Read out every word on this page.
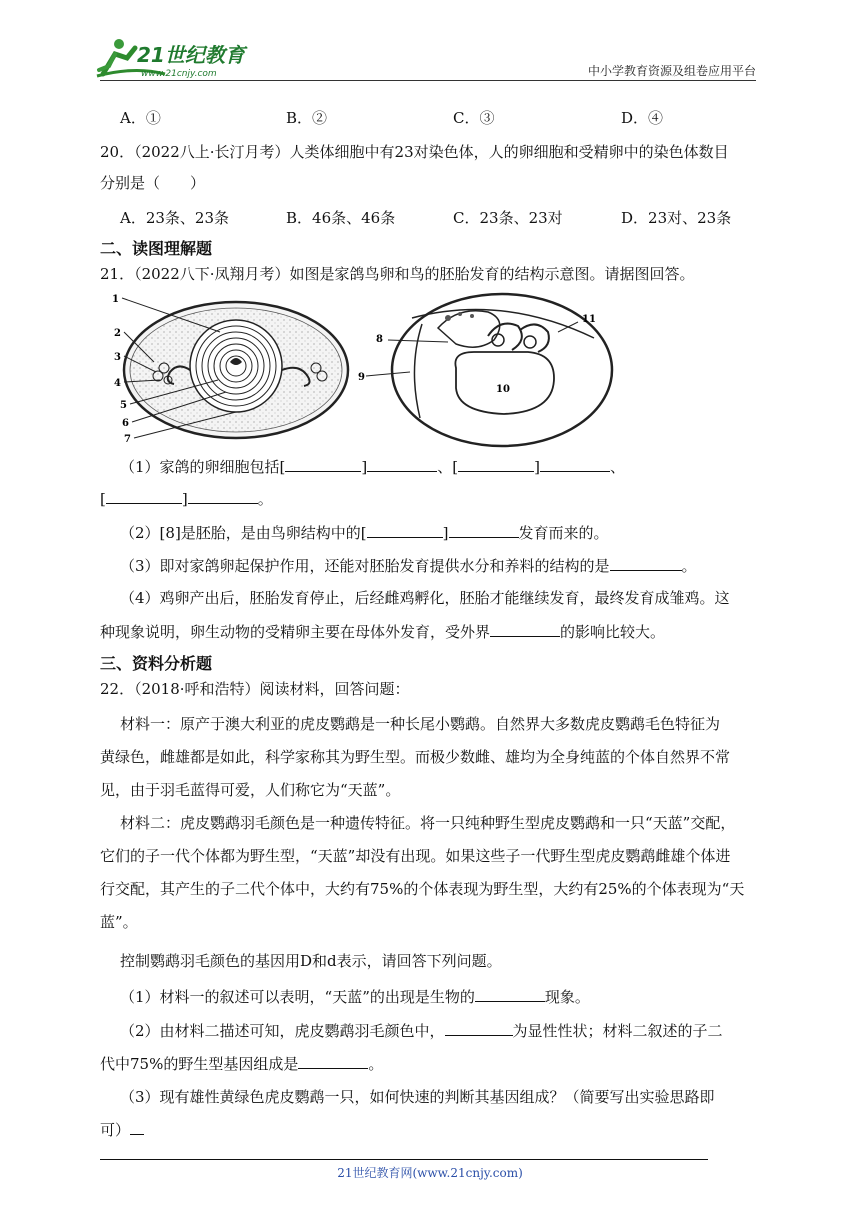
21世纪教育
www.21cnjy.com	中小学教育资源及组卷应用平台
A．①	B．②	C．③	D．④
20．（2022八上·长汀月考）人类体细胞中有23对染色体，人的卵细胞和受精卵中的染色体数目
分别是（　　）
A．23条、23条	B．46条、46条	C．23条、23对	D．23对、23条
二、读图理解题
21．（2022八下·凤翔月考）如图是家鸽鸟卵和鸟的胚胎发育的结构示意图。请据图回答。
1
2
3
4
5
6
7
8
9
10
11
（1）家鸽的卵细胞包括[	]	、[	]	、
[	]	。
（2）[8]是胚胎，是由鸟卵结构中的[	]	发育而来的。
（3）即对家鸽卵起保护作用，还能对胚胎发育提供水分和养料的结构的是	。
（4）鸡卵产出后，胚胎发育停止，后经雌鸡孵化，胚胎才能继续发育，最终发育成雏鸡。这
种现象说明，卵生动物的受精卵主要在母体外发育，受外界	的影响比较大。
三、资料分析题
22．（2018·呼和浩特）阅读材料，回答问题：
材料一：原产于澳大利亚的虎皮鹦鹉是一种长尾小鹦鹉。自然界大多数虎皮鹦鹉毛色特征为
黄绿色，雌雄都是如此，科学家称其为野生型。而极少数雌、雄均为全身纯蓝的个体自然界不常
见，由于羽毛蓝得可爱，人们称它为“天蓝”。
材料二：虎皮鹦鹉羽毛颜色是一种遗传特征。将一只纯种野生型虎皮鹦鹉和一只“天蓝”交配，
它们的子一代个体都为野生型，“天蓝”却没有出现。如果这些子一代野生型虎皮鹦鹉雌雄个体进
行交配，其产生的子二代个体中，大约有75%的个体表现为野生型，大约有25%的个体表现为“天
蓝”。
控制鹦鹉羽毛颜色的基因用D和d表示，请回答下列问题。
（1）材料一的叙述可以表明，“天蓝”的出现是生物的	现象。
（2）由材料二描述可知，虎皮鹦鹉羽毛颜色中，	为显性性状；材料二叙述的子二
代中75%的野生型基因组成是	。
（3）现有雄性黄绿色虎皮鹦鹉一只，如何快速的判断其基因组成？（简要写出实验思路即
可）
21世纪教育网(www.21cnjy.com)
